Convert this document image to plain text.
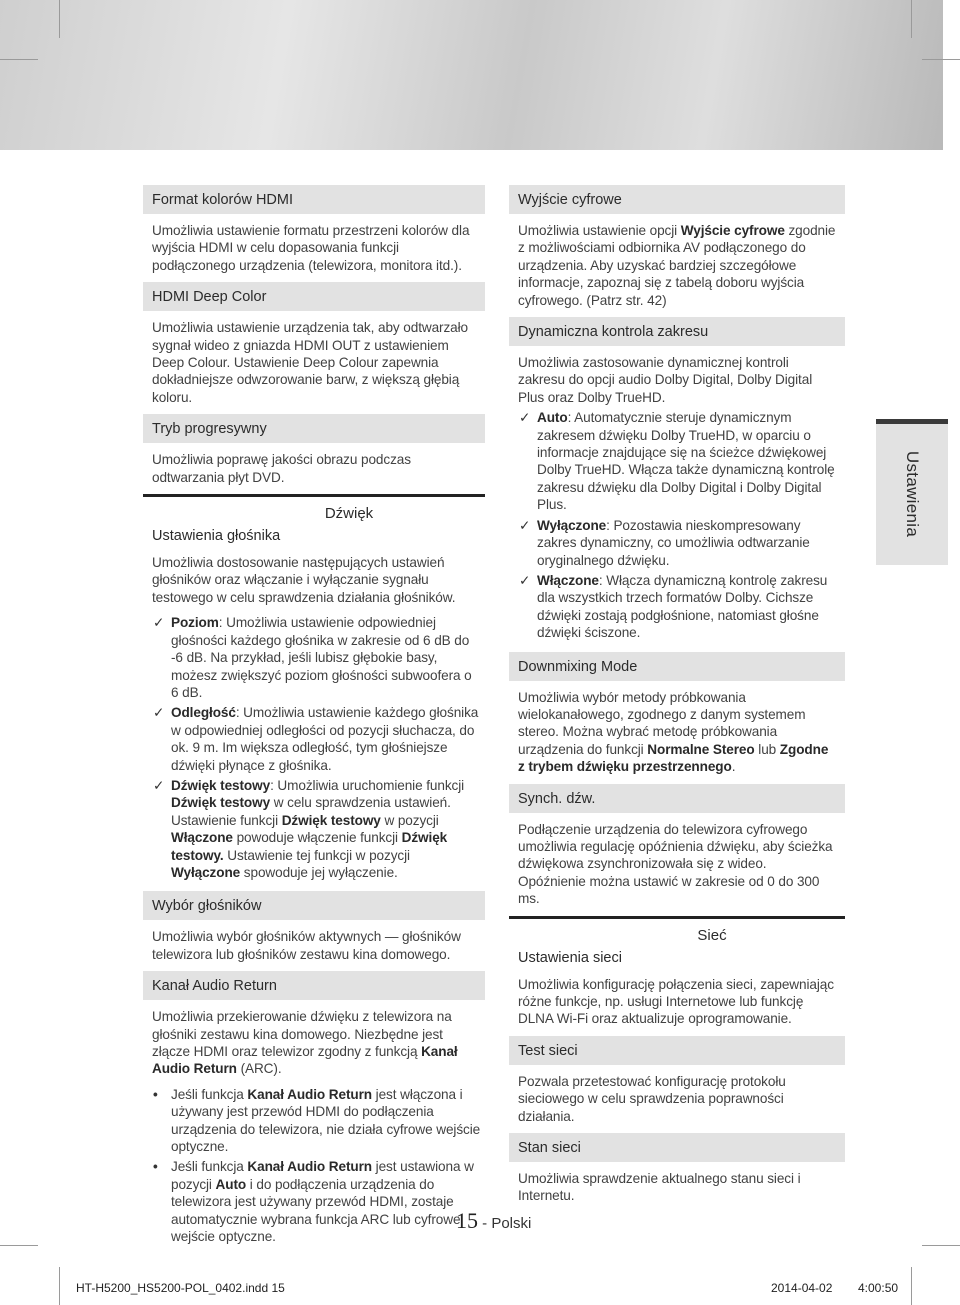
Format kolorów HDMI
Umożliwia ustawienie formatu przestrzeni kolorów dla wyjścia HDMI w celu dopasowania funkcji podłączonego urządzenia (telewizora, monitora itd.).
HDMI Deep Color
Umożliwia ustawienie urządzenia tak, aby odtwarzało sygnał wideo z gniazda HDMI OUT z ustawieniem Deep Colour. Ustawienie Deep Colour zapewnia dokładniejsze odwzorowanie barw, z większą głębią koloru.
Tryb progresywny
Umożliwia poprawę jakości obrazu podczas odtwarzania płyt DVD.
Dźwięk
Ustawienia głośnika
Umożliwia dostosowanie następujących ustawień głośników oraz włączanie i wyłączanie sygnału testowego w celu sprawdzenia działania głośników.
✓ Poziom: Umożliwia ustawienie odpowiedniej głośności każdego głośnika w zakresie od 6 dB do -6 dB. Na przykład, jeśli lubisz głębokie basy, możesz zwiększyć poziom głośności subwoofera o 6 dB.
✓ Odległość: Umożliwia ustawienie każdego głośnika w odpowiedniej odległości od pozycji słuchacza, do ok. 9 m. Im większa odległość, tym głośniejsze dźwięki płynące z głośnika.
✓ Dźwięk testowy: Umożliwia uruchomienie funkcji Dźwięk testowy w celu sprawdzenia ustawień. Ustawienie funkcji Dźwięk testowy w pozycji Włączone powoduje włączenie funkcji Dźwięk testowy. Ustawienie tej funkcji w pozycji Wyłączone spowoduje jej wyłączenie.
Wybór głośników
Umożliwia wybór głośników aktywnych — głośników telewizora lub głośników zestawu kina domowego.
Kanał Audio Return
Umożliwia przekierowanie dźwięku z telewizora na głośniki zestawu kina domowego. Niezbędne jest złącze HDMI oraz telewizor zgodny z funkcją Kanał Audio Return (ARC).
• Jeśli funkcja Kanał Audio Return jest włączona i używany jest przewód HDMI do podłączenia urządzenia do telewizora, nie działa cyfrowe wejście optyczne.
• Jeśli funkcja Kanał Audio Return jest ustawiona w pozycji Auto i do podłączenia urządzenia do telewizora jest używany przewód HDMI, zostaje automatycznie wybrana funkcja ARC lub cyfrowe wejście optyczne.
Wyjście cyfrowe
Umożliwia ustawienie opcji Wyjście cyfrowe zgodnie z możliwościami odbiornika AV podłączonego do urządzenia. Aby uzyskać bardziej szczegółowe informacje, zapoznaj się z tabelą doboru wyjścia cyfrowego. (Patrz str. 42)
Dynamiczna kontrola zakresu
Umożliwia zastosowanie dynamicznej kontroli zakresu do opcji audio Dolby Digital, Dolby Digital Plus oraz Dolby TrueHD.
✓ Auto: Automatycznie steruje dynamicznym zakresem dźwięku Dolby TrueHD, w oparciu o informacje znajdujące się na ścieżce dźwiękowej Dolby TrueHD. Włącza także dynamiczną kontrolę zakresu dźwięku dla Dolby Digital i Dolby Digital Plus.
✓ Wyłączone: Pozostawia nieskompresowany zakres dynamiczny, co umożliwia odtwarzanie oryginalnego dźwięku.
✓ Włączone: Włącza dynamiczną kontrolę zakresu dla wszystkich trzech formatów Dolby. Cichsze dźwięki zostają podgłośnione, natomiast głośne dźwięki ściszone.
Downmixing Mode
Umożliwia wybór metody próbkowania wielokanałowego, zgodnego z danym systemem stereo. Można wybrać metodę próbkowania urządzenia do funkcji Normalne Stereo lub Zgodne z trybem dźwięku przestrzennego.
Synch. dźw.
Podłączenie urządzenia do telewizora cyfrowego umożliwia regulację opóźnienia dźwięku, aby ścieżka dźwiękowa zsynchronizowała się z wideo. Opóźnienie można ustawić w zakresie od 0 do 300 ms.
Sieć
Ustawienia sieci
Umożliwia konfigurację połączenia sieci, zapewniając różne funkcje, np. usługi Internetowe lub funkcję DLNA Wi-Fi oraz aktualizuje oprogramowanie.
Test sieci
Pozwala przetestować konfigurację protokołu sieciowego w celu sprawdzenia poprawności działania.
Stan sieci
Umożliwia sprawdzenie aktualnego stanu sieci i Internetu.
Ustawienia
15 - Polski
HT-H5200_HS5200-POL_0402.indd 15	2014-04-02 4:00:50
